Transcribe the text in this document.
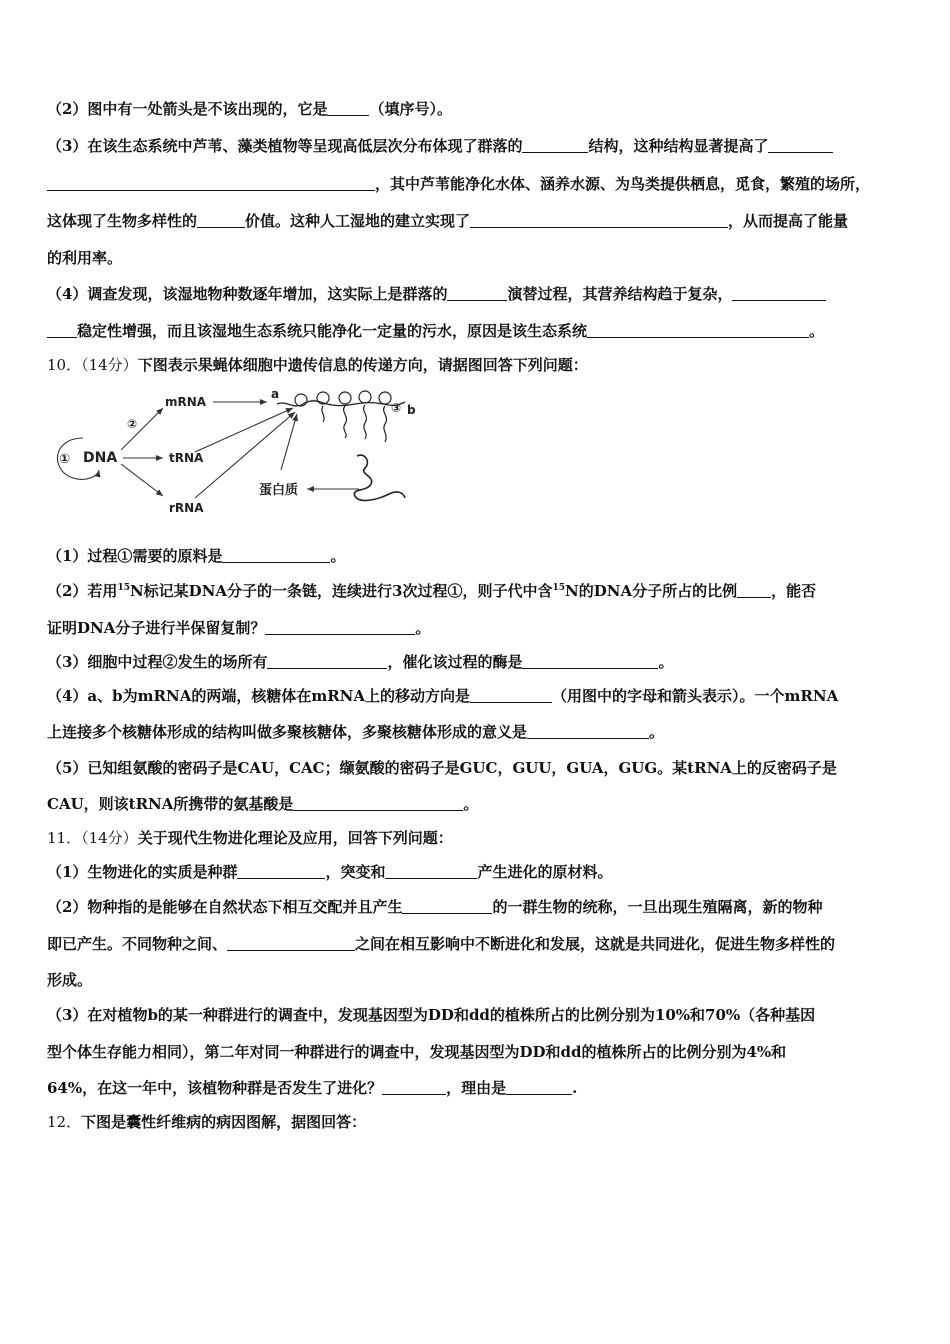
（2）图中有一处箭头是不该出现的，它是	（填序号）。
（3）在该生态系统中芦苇、藻类植物等呈现高低层次分布体现了群落的	结构，这种结构显著提高了
，其中芦苇能净化水体、涵养水源、为鸟类提供栖息，觅食，繁殖的场所，
这体现了生物多样性的	价值。这种人工湿地的建立实现了	，从而提高了能量
的利用率。
（4）调查发现，该湿地物种数逐年增加，这实际上是群落的	演替过程，其营养结构趋于复杂，
稳定性增强，而且该湿地生态系统只能净化一定量的污水，原因是该生态系统	。
10．（14分）下图表示果蝇体细胞中遗传信息的传递方向，请据图回答下列问题：
① DNA
②
mRNA
tRNA
rRNA
a
③ b
蛋白质
（1）过程①需要的原料是	。
（2）若用$^{15}$N标记某DNA分子的一条链，连续进行3次过程①，则子代中含$^{15}$N的DNA分子所占的比例 ，能否
证明DNA分子进行半保留复制？	。
（3）细胞中过程②发生的场所有	，催化该过程的酶是	。
（4）a、b为mRNA的两端，核糖体在mRNA上的移动方向是	（用图中的字母和箭头表示）。一个mRNA
上连接多个核糖体形成的结构叫做多聚核糖体，多聚核糖体形成的意义是	。
（5）已知组氨酸的密码子是CAU，CAC；缬氨酸的密码子是GUC，GUU，GUA，GUG。某tRNA上的反密码子是
CAU，则该tRNA所携带的氨基酸是	。
11．（14分）关于现代生物进化理论及应用，回答下列问题：
（1）生物进化的实质是种群	，突变和	产生进化的原材料。
（2）物种指的是能够在自然状态下相互交配并且产生	的一群生物的统称，一旦出现生殖隔离，新的物种
即已产生。不同物种之间、	之间在相互影响中不断进化和发展，这就是共同进化，促进生物多样性的
形成。
（3）在对植物b的某一种群进行的调查中，发现基因型为DD和dd的植株所占的比例分别为10%和70%（各种基因
型个体生存能力相同），第二年对同一种群进行的调查中，发现基因型为DD和dd的植株所占的比例分别为4%和
64%，在这一年中，该植物种群是否发生了进化？	，理由是	.
12．下图是囊性纤维病的病因图解，据图回答：
